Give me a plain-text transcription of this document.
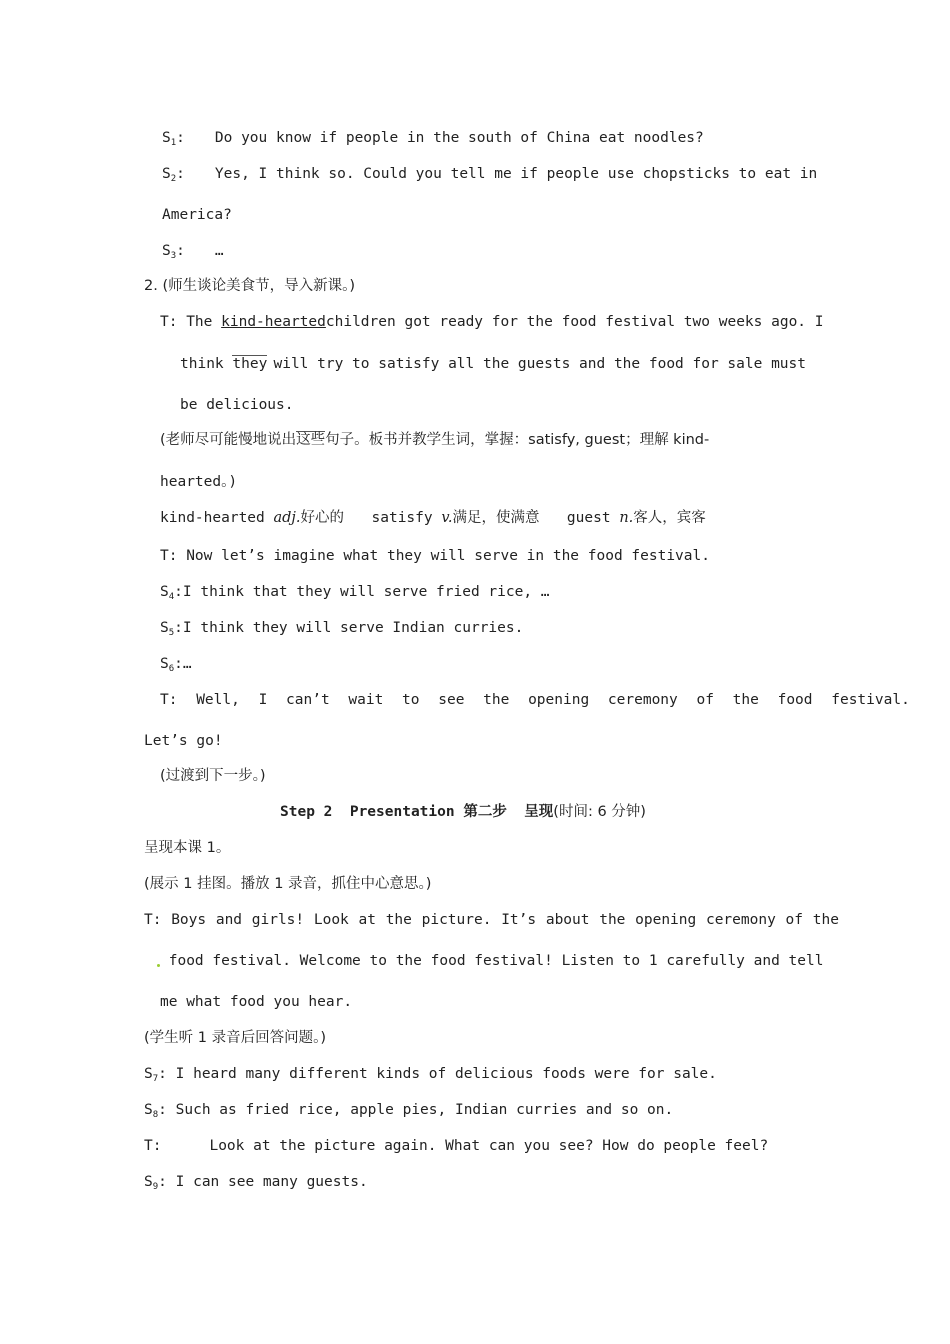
$S_1$: Do you know if people in the south of China eat noodles?
$S_2$: Yes, I think so. Could you tell me if people use chopsticks to eat in
America?
$S_3$: …
2. (师生谈论美食节，导入新课。)
T: The kind-hearted children got ready for the food festival two weeks ago. I
think they will try to satisfy all the guests and the food for sale must
be delicious.
(老师尽可能慢地说出这些句子。板书并教学生词，掌握：satisfy, guest；理解 kind-
hearted。)
kind-hearted adj.好心的 satisfy v.满足，使满意 guest n.客人，宾客
T: Now let’s imagine what they will serve in the food festival.
$S_4:I$ think that they will serve fried rice, …
$S_5:I$ think they will serve Indian curries.
$S_6:\dots$
T: Well, I can’t wait to see the opening ceremony of the food festival.
Let’s go!
(过渡到下一步。)
Step 2  Presentation 第二步  呈现(时间: 6 分钟)
呈现本课 1。
(展示 1 挂图。播放 1 录音，抓住中心意思。)
T: Boys and girls! Look at the picture. It’s about the opening ceremony of the
food festival. Welcome to the food festival! Listen to 1 carefully and tell
me what food you hear.
(学生听 1 录音后回答问题。)
$S_7$: I heard many different kinds of delicious foods were for sale.
$S_8$: Such as fried rice, apple pies, Indian curries and so on.
T:	Look at the picture again. What can you see? How do people feel?
$S_9$: I can see many guests.
